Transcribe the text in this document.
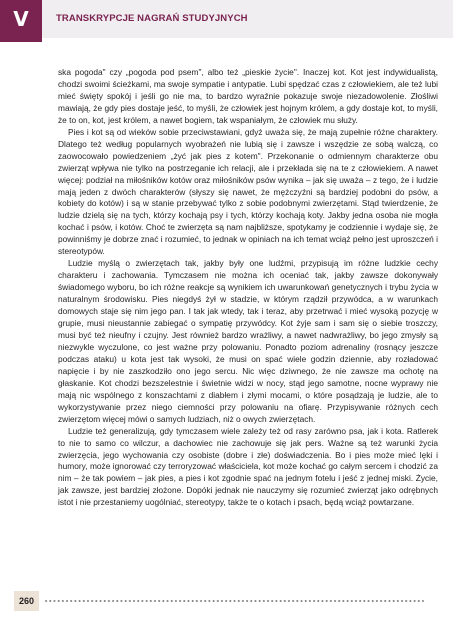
V	TRANSKRYPCJE NAGRAŃ STUDYJNYCH

ska pogoda" czy „pogoda pod psem", albo też „pieskie życie". Inaczej kot. Kot jest indywidualistą, chodzi swoimi ścieżkami, ma swoje sympatie i antypatie. Lubi spędzać czas z człowiekiem, ale też lubi mieć święty spokój i jeśli go nie ma, to bardzo wyraźnie pokazuje swoje niezadowolenie. Złośliwi mawiają, że gdy pies dostaje jeść, to myśli, że człowiek jest hojnym królem, a gdy dostaje kot, to myśli, że to on, kot, jest królem, a nawet bogiem, tak wspaniałym, że człowiek mu służy.

Pies i kot są od wieków sobie przeciwstawiani, gdyż uważa się, że mają zupełnie różne charaktery. Dlatego też według popularnych wyobrażeń nie lubią się i zawsze i wszędzie ze sobą walczą, co zaowocowało powiedzeniem „żyć jak pies z kotem". Przekonanie o odmiennym charakterze obu zwierząt wpływa nie tylko na postrzeganie ich relacji, ale i przekłada się na te z człowiekiem. A nawet więcej: podział na miłośników kotów oraz miłośników psów wynika – jak się uważa – z tego, że i ludzie mają jeden z dwóch charakterów (słyszy się nawet, że mężczyźni są bardziej podobni do psów, a kobiety do kotów) i są w stanie przebywać tylko z sobie podobnymi zwierzętami. Stąd twierdzenie, że ludzie dzielą się na tych, którzy kochają psy i tych, którzy kochają koty. Jakby jedna osoba nie mogła kochać i psów, i kotów. Choć te zwierzęta są nam najbliższe, spotykamy je codziennie i wydaje się, że powinniśmy je dobrze znać i rozumieć, to jednak w opiniach na ich temat wciąż pełno jest uproszczeń i stereotypów.

Ludzie myślą o zwierzętach tak, jakby były one ludźmi, przypisują im różne ludzkie cechy charakteru i zachowania. Tymczasem nie można ich oceniać tak, jakby zawsze dokonywały świadomego wyboru, bo ich różne reakcje są wynikiem ich uwarunkowań genetycznych i trybu życia w naturalnym środowisku. Pies niegdyś żył w stadzie, w którym rządził przywódca, a w warunkach domowych staje się nim jego pan. I tak jak wtedy, tak i teraz, aby przetrwać i mieć wysoką pozycję w grupie, musi nieustannie zabiegać o sympatię przywódcy. Kot żyje sam i sam się o siebie troszczy, musi być też nieufny i czujny. Jest również bardzo wrażliwy, a nawet nadwrażliwy, bo jego zmysły są niezwykle wyczulone, co jest ważne przy polowaniu. Ponadto poziom adrenaliny (rosnący jeszcze podczas ataku) u kota jest tak wysoki, że musi on spać wiele godzin dziennie, aby rozładować napięcie i by nie zaszkodziło ono jego sercu. Nic więc dziwnego, że nie zawsze ma ochotę na głaskanie. Kot chodzi bezszelestnie i świetnie widzi w nocy, stąd jego samotne, nocne wyprawy nie mają nic wspólnego z konszachtami z diabłem i złymi mocami, o które posądzają je ludzie, ale to wykorzystywanie przez niego ciemności przy polowaniu na ofiarę. Przypisywanie różnych cech zwierzętom więcej mówi o samych ludziach, niż o owych zwierzętach.

Ludzie też generalizują, gdy tymczasem wiele zależy też od rasy zarówno psa, jak i kota. Ratlerek to nie to samo co wilczur, a dachowiec nie zachowuje się jak pers. Ważne są też warunki życia zwierzęcia, jego wychowania czy osobiste (dobre i złe) doświadczenia. Bo i pies może mieć lęki i humory, może ignorować czy terroryzować właściciela, kot może kochać go całym sercem i chodzić za nim – że tak powiem – jak pies, a pies i kot zgodnie spać na jednym fotelu i jeść z jednej miski. Życie, jak zawsze, jest bardziej złożone. Dopóki jednak nie nauczymy się rozumieć zwierząt jako odrębnych istot i nie przestaniemy uogólniać, stereotypy, także te o kotach i psach, będą wciąż powtarzane.

260
